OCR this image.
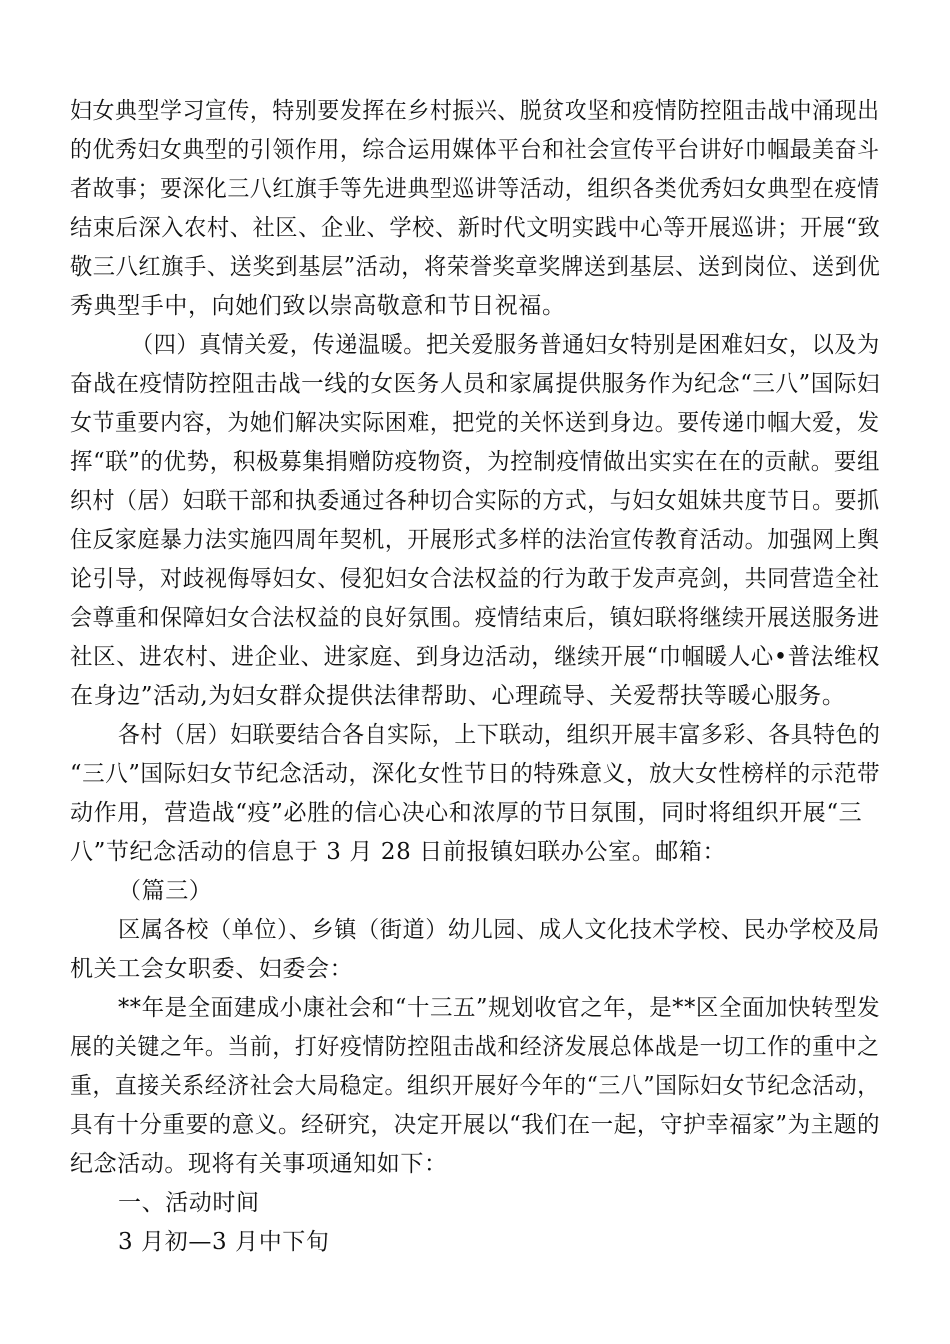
妇女典型学习宣传，特别要发挥在乡村振兴、脱贫攻坚和疫情防控阻击战中涌现出
的优秀妇女典型的引领作用，综合运用媒体平台和社会宣传平台讲好巾帼最美奋斗
者故事；要深化三八红旗手等先进典型巡讲等活动，组织各类优秀妇女典型在疫情
结束后深入农村、社区、企业、学校、新时代文明实践中心等开展巡讲；开展“致
敬三八红旗手、送奖到基层”活动，将荣誉奖章奖牌送到基层、送到岗位、送到优
秀典型手中，向她们致以崇高敬意和节日祝福。
（四）真情关爱，传递温暖。把关爱服务普通妇女特别是困难妇女，以及为
奋战在疫情防控阻击战一线的女医务人员和家属提供服务作为纪念“三八”国际妇
女节重要内容，为她们解决实际困难，把党的关怀送到身边。要传递巾帼大爱，发
挥“联”的优势，积极募集捐赠防疫物资，为控制疫情做出实实在在的贡献。要组
织村（居）妇联干部和执委通过各种切合实际的方式，与妇女姐妹共度节日。要抓
住反家庭暴力法实施四周年契机，开展形式多样的法治宣传教育活动。加强网上舆
论引导，对歧视侮辱妇女、侵犯妇女合法权益的行为敢于发声亮剑，共同营造全社
会尊重和保障妇女合法权益的良好氛围。疫情结束后，镇妇联将继续开展送服务进
社区、进农村、进企业、进家庭、到身边活动，继续开展“巾帼暖人心•普法维权
在身边”活动,为妇女群众提供法律帮助、心理疏导、关爱帮扶等暖心服务。
各村（居）妇联要结合各自实际，上下联动，组织开展丰富多彩、各具特色的
“三八”国际妇女节纪念活动，深化女性节日的特殊意义，放大女性榜样的示范带
动作用，营造战“疫”必胜的信心决心和浓厚的节日氛围，同时将组织开展“三
八”节纪念活动的信息于 3 月 28 日前报镇妇联办公室。邮箱：
（篇三）
区属各校（单位）、乡镇（街道）幼儿园、成人文化技术学校、民办学校及局
机关工会女职委、妇委会：
**年是全面建成小康社会和“十三五”规划收官之年，是**区全面加快转型发
展的关键之年。当前，打好疫情防控阻击战和经济发展总体战是一切工作的重中之
重，直接关系经济社会大局稳定。组织开展好今年的“三八”国际妇女节纪念活动，
具有十分重要的意义。经研究，决定开展以“我们在一起，守护幸福家”为主题的
纪念活动。现将有关事项通知如下：
一、活动时间
3 月初—3 月中下旬
